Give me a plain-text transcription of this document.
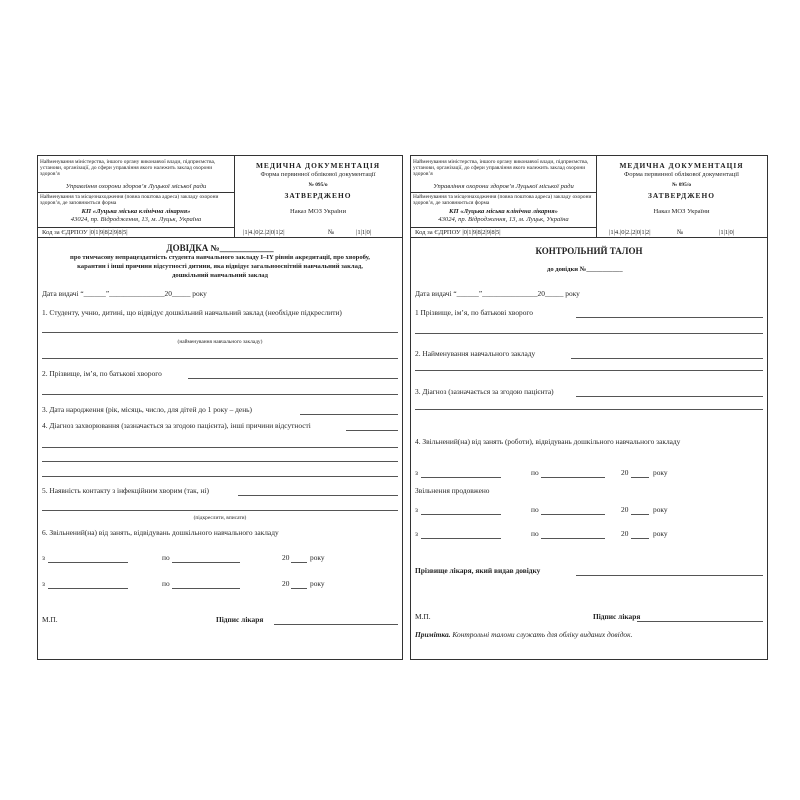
Найменування міністерства, іншого органу виконавчої влади, підприємства, установи, організації, до сфери управління якого належить заклад охорони здоров’я
Управління охорони здоров’я Луцької міської ради
Найменування та місцезнаходження (повна поштова адреса) закладу охорони здоров’я, де заповнюється форма
КП «Луцька міська клінічна лікарня»
43024, пр. Відродження, 13, м. Луцьк, Україна
Код за ЄДРПОУ |0|1|9|8|2|9|8|5|
МЕДИЧНА ДОКУМЕНТАЦІЯ
Форма первинної облікової документації
№ 095/о
ЗАТВЕРДЖЕНО
Наказ МОЗ України
|1|4.|0|2.|2|0|1|2|	№	|1|1|0|
ДОВІДКА №____________
про тимчасову непрацездатність студента навчального закладу I–IY рівнів акредитації, про хворобу,
карантин і інші причини відсутності дитини, яка відвідує загальноосвітній навчальний заклад,
дошкільний навчальний заклад
Дата видачі “______”_______________20_____ року
1. Студенту, учню, дитині, що відвідує дошкільний навчальний заклад (необхідне підкреслити)
(найменування навчального закладу)
2. Прізвище, ім’я, по батькові хворого
3. Дата народження (рік, місяць, число, для дітей до 1 року – день)
4. Діагноз захворювання (зазначається за згодою пацієнта), інші причини відсутності
5. Наявність контакту з інфекційним хворим (так, ні)
(підкреслити, вписати)
6. Звільнений(на) від занять, відвідувань дошкільного навчального закладу
з	по	20	року
з	по	20	року
М.П.	Підпис лікаря
Найменування міністерства, іншого органу виконавчої влади, підприємства, установи, організації, до сфери управління якого належить заклад охорони здоров’я
Управління охорони здоров’я Луцької міської ради
Найменування та місцезнаходження (повна поштова адреса) закладу охорони здоров’я, де заповнюється форма
КП «Луцька міська клінічна лікарня»
43024, пр. Відродження, 13, м. Луцьк, Україна
Код за ЄДРПОУ |0|1|9|8|2|9|8|5|
МЕДИЧНА ДОКУМЕНТАЦІЯ
Форма первинної облікової документації
№ 095/о
ЗАТВЕРДЖЕНО
Наказ МОЗ України
|1|4.|0|2.|2|0|1|2|	№	|1|1|0|
КОНТРОЛЬНИЙ ТАЛОН
до довідки №___________
Дата видачі “______”_______________20_____ року
1 Прізвище, ім’я, по батькові хворого
2. Найменування навчального закладу
3. Діагноз (зазначається за згодою пацієнта)
4. Звільнений(на) від занять (роботи), відвідувань дошкільного навчального закладу
з	по	20	року
Звільнення продовжено
з	по	20	року
з	по	20	року
Прізвище лікаря, який видав довідку
М.П.	Підпис лікаря
Примітка. Контрольні талони служать для обліку виданих довідок.
